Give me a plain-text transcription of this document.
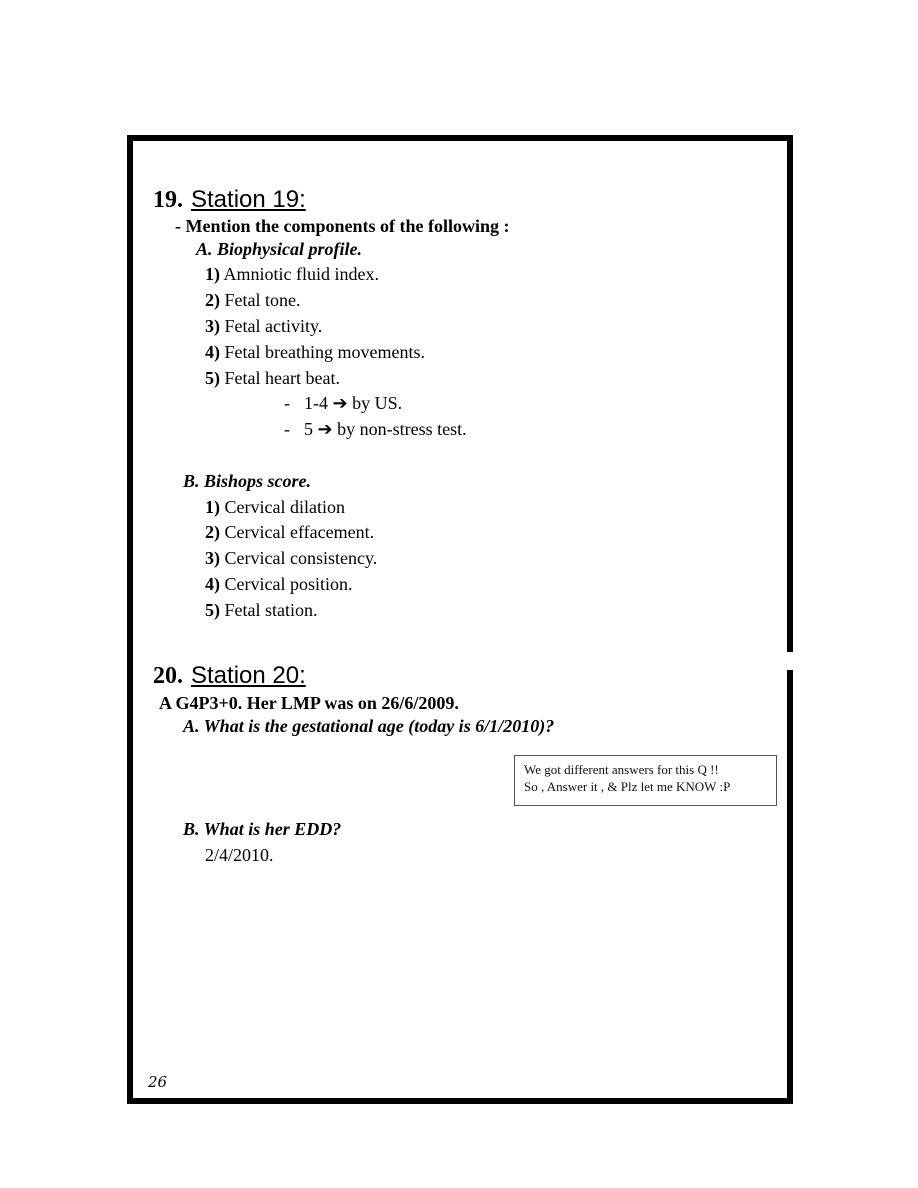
19. Station 19:
- Mention the components of the following :
A. Biophysical profile.
1) Amniotic fluid index.
2) Fetal tone.
3) Fetal activity.
4) Fetal breathing movements.
5) Fetal heart beat.
- 1-4 ➔ by US.
- 5 ➔ by non-stress test.
B. Bishops score.
1) Cervical dilation
2) Cervical effacement.
3) Cervical consistency.
4) Cervical position.
5) Fetal station.
20. Station 20:
A G4P3+0. Her LMP was on 26/6/2009.
A. What is the gestational age (today is 6/1/2010)?
We got different answers for this Q !!
So , Answer it , & Plz let me KNOW :P
B. What is her EDD?
2/4/2010.
26
